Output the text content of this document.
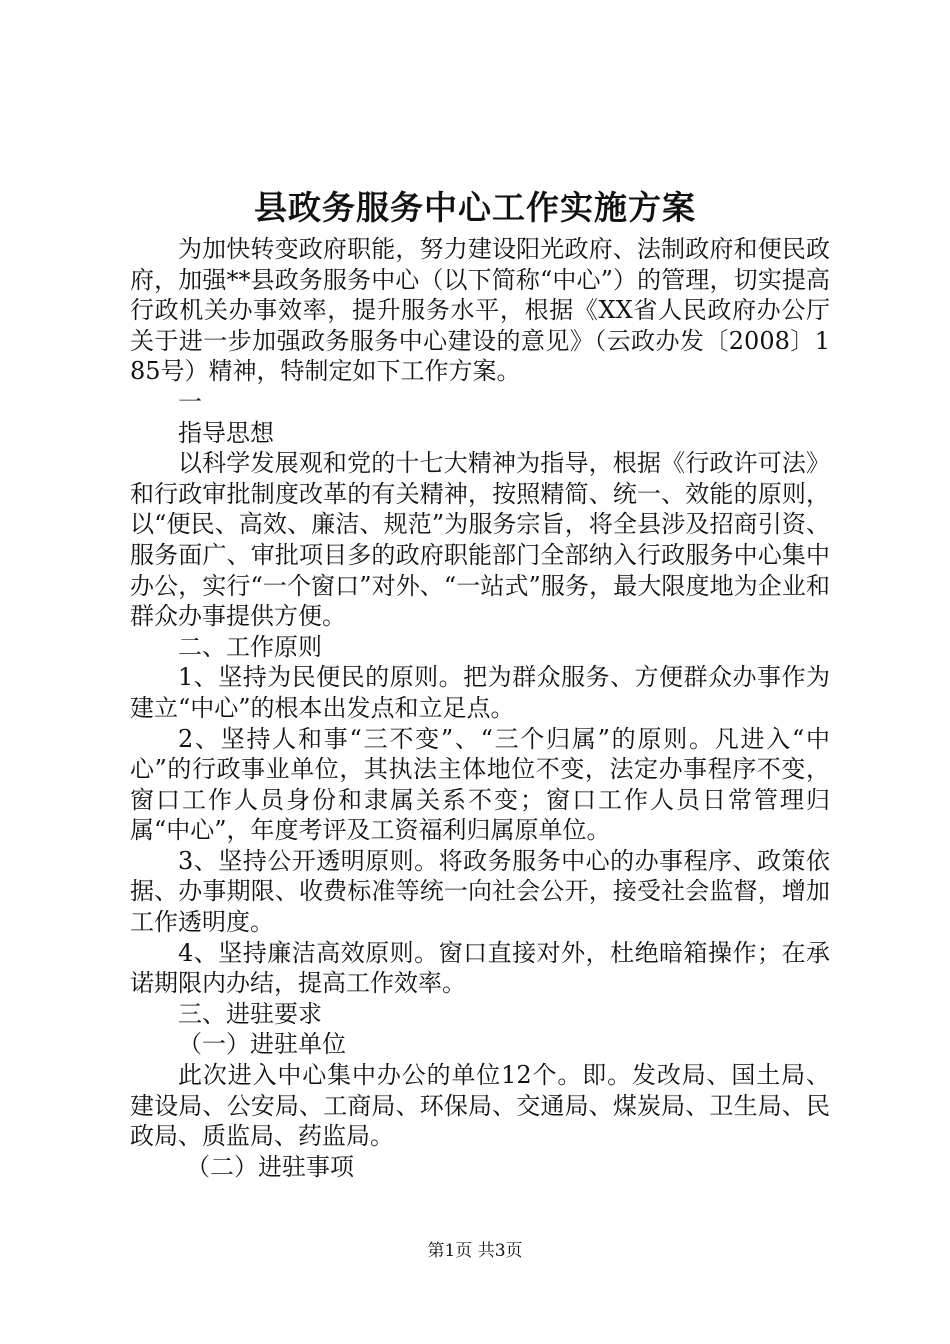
县政务服务中心工作实施方案

为加快转变政府职能，努力建设阳光政府、法制政府和便民政府，加强**县政务服务中心（以下简称“中心”）的管理，切实提高行政机关办事效率，提升服务水平，根据《XX省人民政府办公厅关于进一步加强政务服务中心建设的意见》（云政办发〔2008〕185号）精神，特制定如下工作方案。

一

指导思想

以科学发展观和党的十七大精神为指导，根据《行政许可法》和行政审批制度改革的有关精神，按照精简、统一、效能的原则，以“便民、高效、廉洁、规范”为服务宗旨，将全县涉及招商引资、服务面广、审批项目多的政府职能部门全部纳入行政服务中心集中办公，实行“一个窗口”对外、“一站式”服务，最大限度地为企业和群众办事提供方便。

二、工作原则

1、坚持为民便民的原则。把为群众服务、方便群众办事作为建立“中心”的根本出发点和立足点。

2、坚持人和事“三不变”、“三个归属”的原则。凡进入“中心”的行政事业单位，其执法主体地位不变，法定办事程序不变，窗口工作人员身份和隶属关系不变；窗口工作人员日常管理归属“中心”，年度考评及工资福利归属原单位。

3、坚持公开透明原则。将政务服务中心的办事程序、政策依据、办事期限、收费标准等统一向社会公开，接受社会监督，增加工作透明度。

4、坚持廉洁高效原则。窗口直接对外，杜绝暗箱操作；在承诺期限内办结，提高工作效率。

三、进驻要求

（一）进驻单位

此次进入中心集中办公的单位12个。即。发改局、国土局、建设局、公安局、工商局、环保局、交通局、煤炭局、卫生局、民政局、质监局、药监局。

（二）进驻事项

第1页 共3页
